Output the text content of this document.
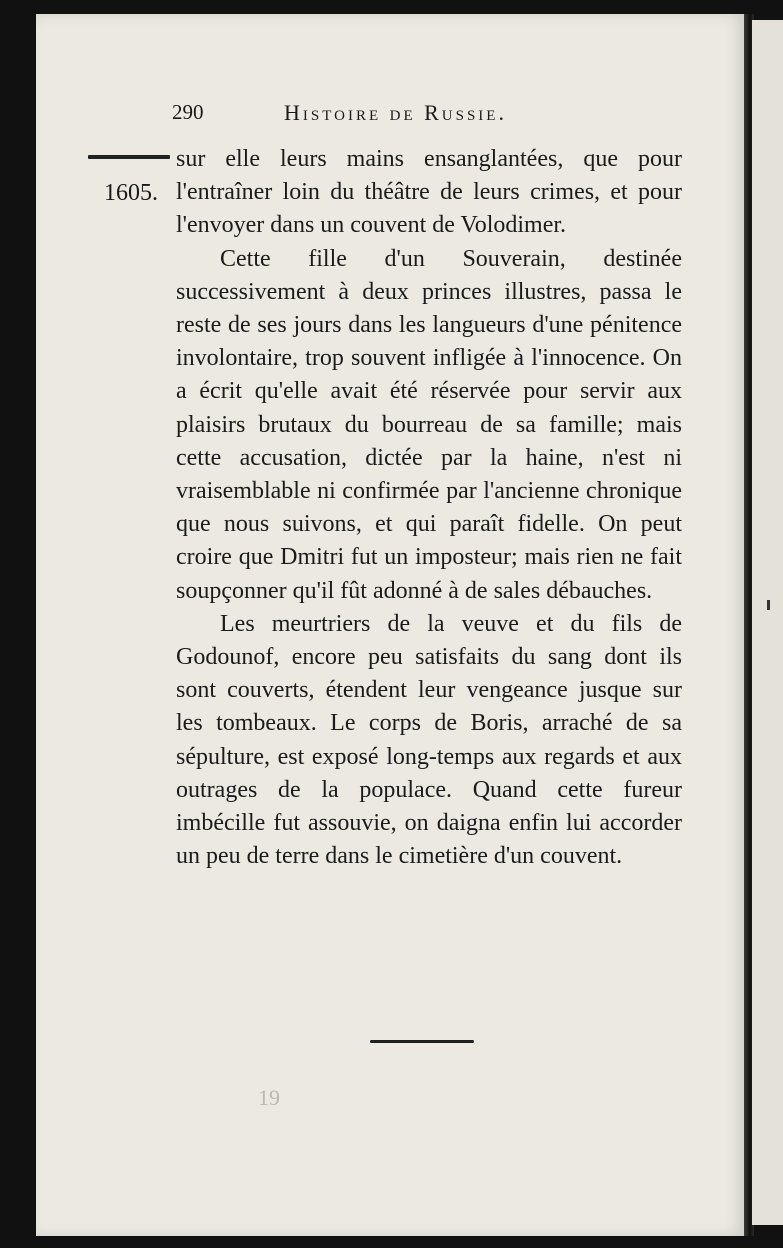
290	Histoire de Russie.
1605.

sur elle leurs mains ensanglantées, que pour l'entraîner loin du théâtre de leurs crimes, et pour l'envoyer dans un couvent de Volodimer.

Cette fille d'un Souverain, destinée successivement à deux princes illustres, passa le reste de ses jours dans les langueurs d'une pénitence involontaire, trop souvent infligée à l'innocence. On a écrit qu'elle avait été réservée pour servir aux plaisirs brutaux du bourreau de sa famille; mais cette accusation, dictée par la haine, n'est ni vraisemblable ni confirmée par l'ancienne chronique que nous suivons, et qui paraît fidelle. On peut croire que Dmitri fut un imposteur; mais rien ne fait soupçonner qu'il fût adonné à de sales débauches.

Les meurtriers de la veuve et du fils de Godounof, encore peu satisfaits du sang dont ils sont couverts, étendent leur vengeance jusque sur les tombeaux. Le corps de Boris, arraché de sa sépulture, est exposé long-temps aux regards et aux outrages de la populace. Quand cette fureur imbécille fut assouvie, on daigna enfin lui accorder un peu de terre dans le cimetière d'un couvent.

19
